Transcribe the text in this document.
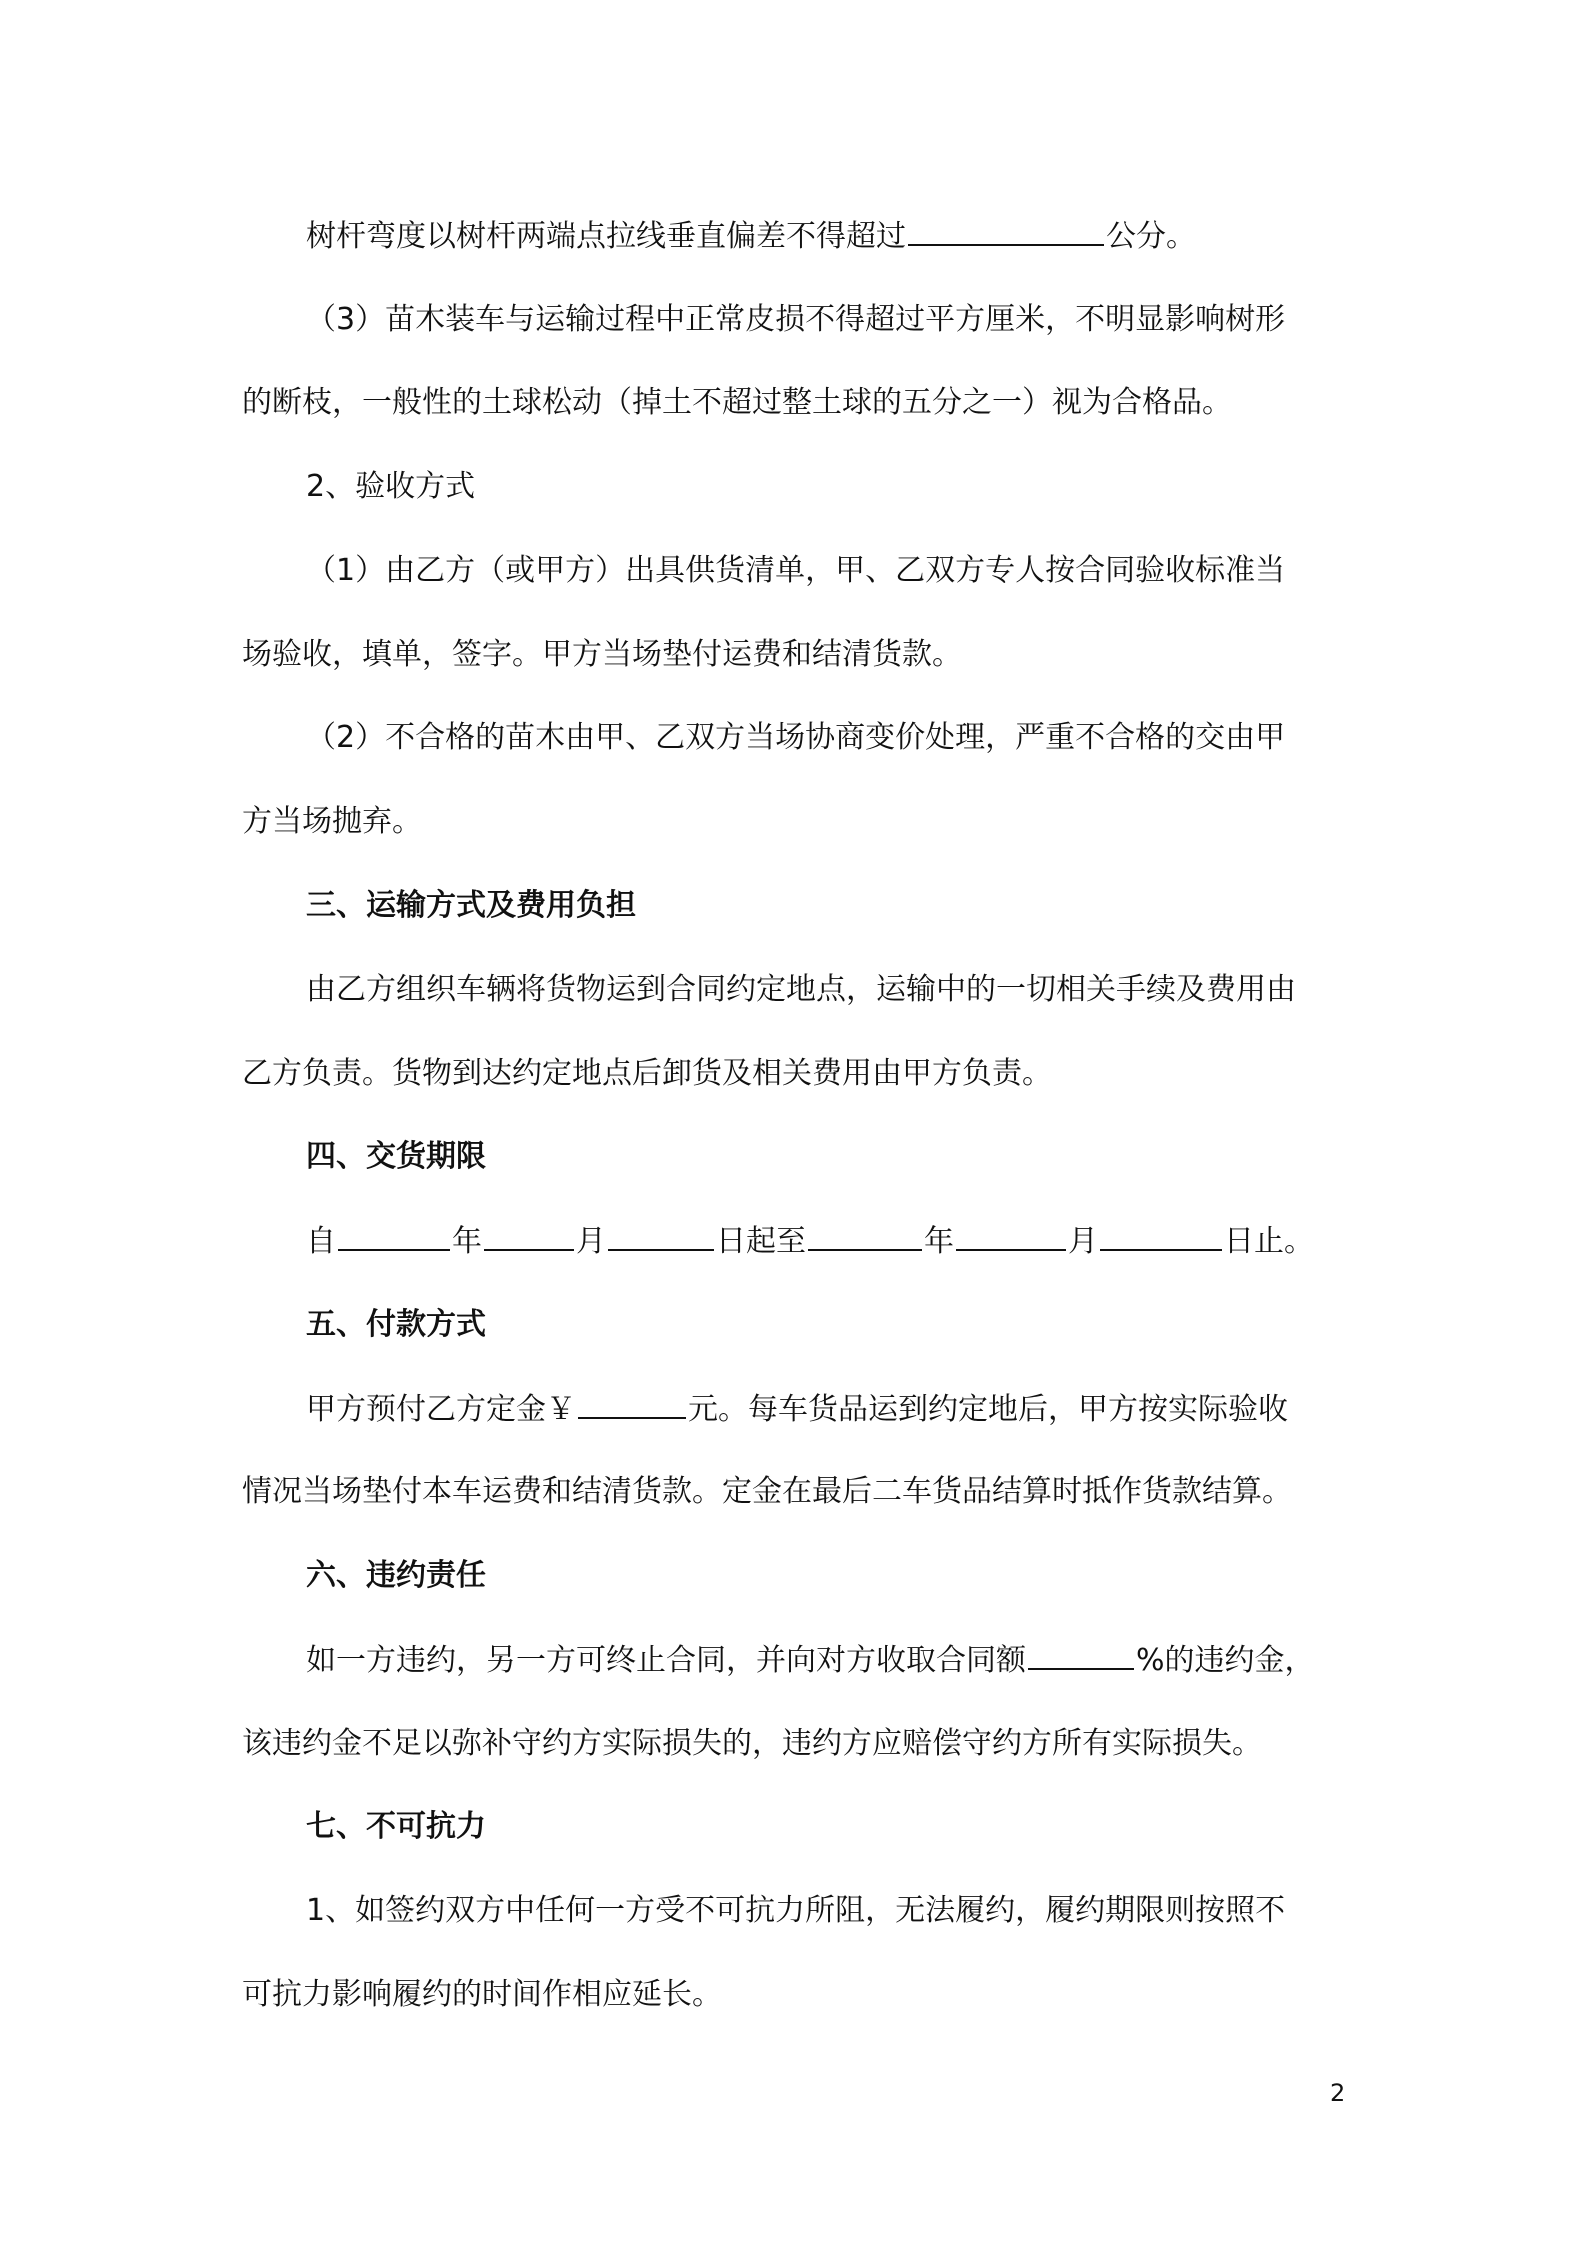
树杆弯度以树杆两端点拉线垂直偏差不得超过	公分。
（3）苗木装车与运输过程中正常皮损不得超过平方厘米，不明显影响树形
的断枝，一般性的土球松动（掉土不超过整土球的五分之一）视为合格品。
2、验收方式
（1）由乙方（或甲方）出具供货清单，甲、乙双方专人按合同验收标准当
场验收，填单，签字。甲方当场垫付运费和结清货款。
（2）不合格的苗木由甲、乙双方当场协商变价处理，严重不合格的交由甲
方当场抛弃。
三、运输方式及费用负担
由乙方组织车辆将货物运到合同约定地点，运输中的一切相关手续及费用由
乙方负责。货物到达约定地点后卸货及相关费用由甲方负责。
四、交货期限
自	年	月	日起至	年	月	日止。
五、付款方式
甲方预付乙方定金￥	元。每车货品运到约定地后，甲方按实际验收
情况当场垫付本车运费和结清货款。定金在最后二车货品结算时抵作货款结算。
六、违约责任
如一方违约，另一方可终止合同，并向对方收取合同额	%的违约金，
该违约金不足以弥补守约方实际损失的，违约方应赔偿守约方所有实际损失。
七、不可抗力
1、如签约双方中任何一方受不可抗力所阻，无法履约，履约期限则按照不
可抗力影响履约的时间作相应延长。
2
